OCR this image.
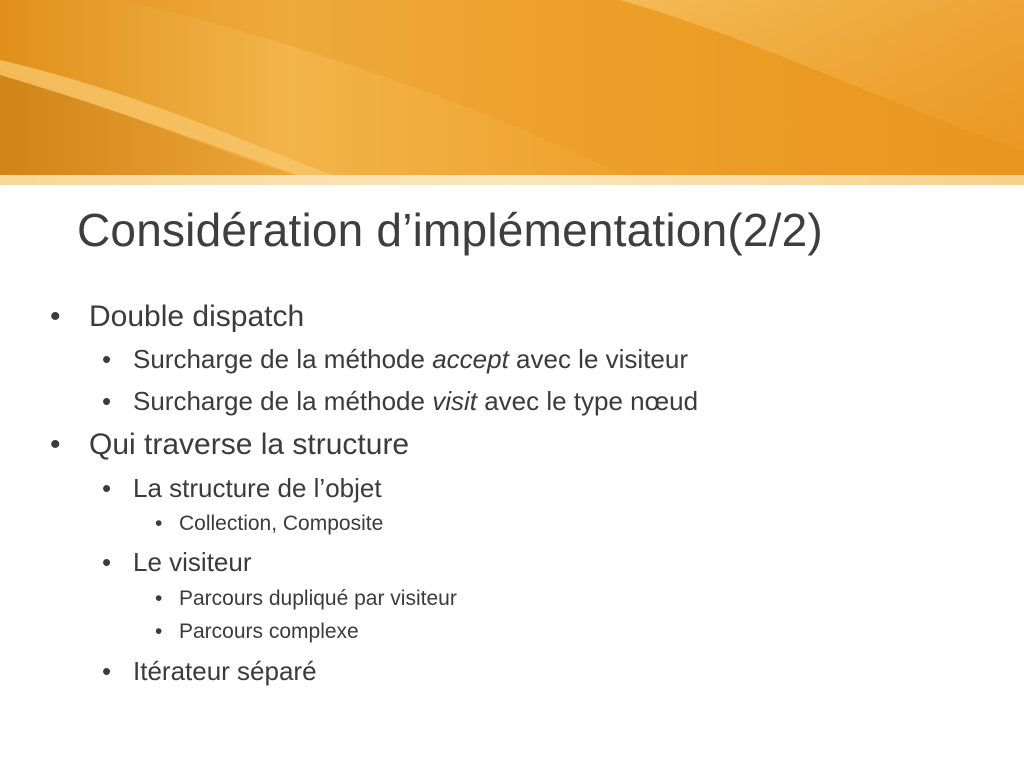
Considération d’implémentation(2/2)
• Double dispatch
• Surcharge de la méthode accept avec le visiteur
• Surcharge de la méthode visit avec le type nœud
• Qui traverse la structure
• La structure de l’objet
• Collection, Composite
• Le visiteur
• Parcours dupliqué par visiteur
• Parcours complexe
• Itérateur séparé
